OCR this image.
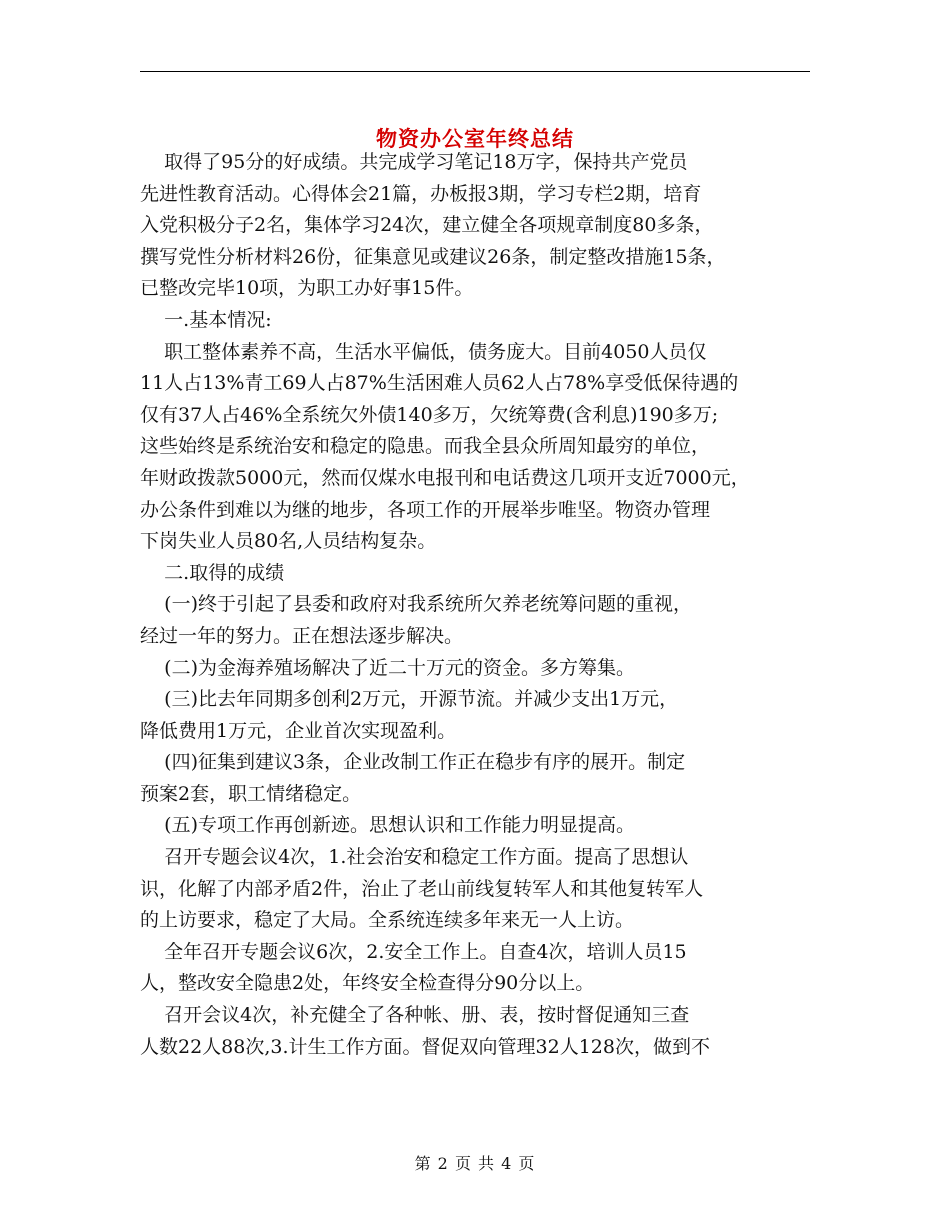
物资办公室年终总结

取得了95分的好成绩。共完成学习笔记18万字，保持共产党员

先进性教育活动。心得体会21篇，办板报3期，学习专栏2期，培育

入党积极分子2名，集体学习24次，建立健全各项规章制度80多条，

撰写党性分析材料26份，征集意见或建议26条，制定整改措施15条，

已整改完毕10项，为职工办好事15件。

一.基本情况:

职工整体素养不高，生活水平偏低，债务庞大。目前4050人员仅

11人占13%青工69人占87%生活困难人员62人占78%享受低保待遇的

仅有37人占46%全系统欠外债140多万，欠统筹费(含利息)190多万;

这些始终是系统治安和稳定的隐患。而我全县众所周知最穷的单位，

年财政拨款5000元，然而仅煤水电报刊和电话费这几项开支近7000元，

办公条件到难以为继的地步，各项工作的开展举步唯坚。物资办管理

下岗失业人员80名,人员结构复杂。

二.取得的成绩

(一)终于引起了县委和政府对我系统所欠养老统筹问题的重视，

经过一年的努力。正在想法逐步解决。

(二)为金海养殖场解决了近二十万元的资金。多方筹集。

(三)比去年同期多创利2万元，开源节流。并减少支出1万元，

降低费用1万元，企业首次实现盈利。

(四)征集到建议3条，企业改制工作正在稳步有序的展开。制定

预案2套，职工情绪稳定。

(五)专项工作再创新迹。思想认识和工作能力明显提高。

召开专题会议4次，1.社会治安和稳定工作方面。提高了思想认

识，化解了内部矛盾2件，治止了老山前线复转军人和其他复转军人

的上访要求，稳定了大局。全系统连续多年来无一人上访。

全年召开专题会议6次，2.安全工作上。自查4次，培训人员15

人，整改安全隐患2处，年终安全检查得分90分以上。

召开会议4次，补充健全了各种帐、册、表，按时督促通知三查

人数22人88次,3.计生工作方面。督促双向管理32人128次，做到不

第 2 页 共 4 页
